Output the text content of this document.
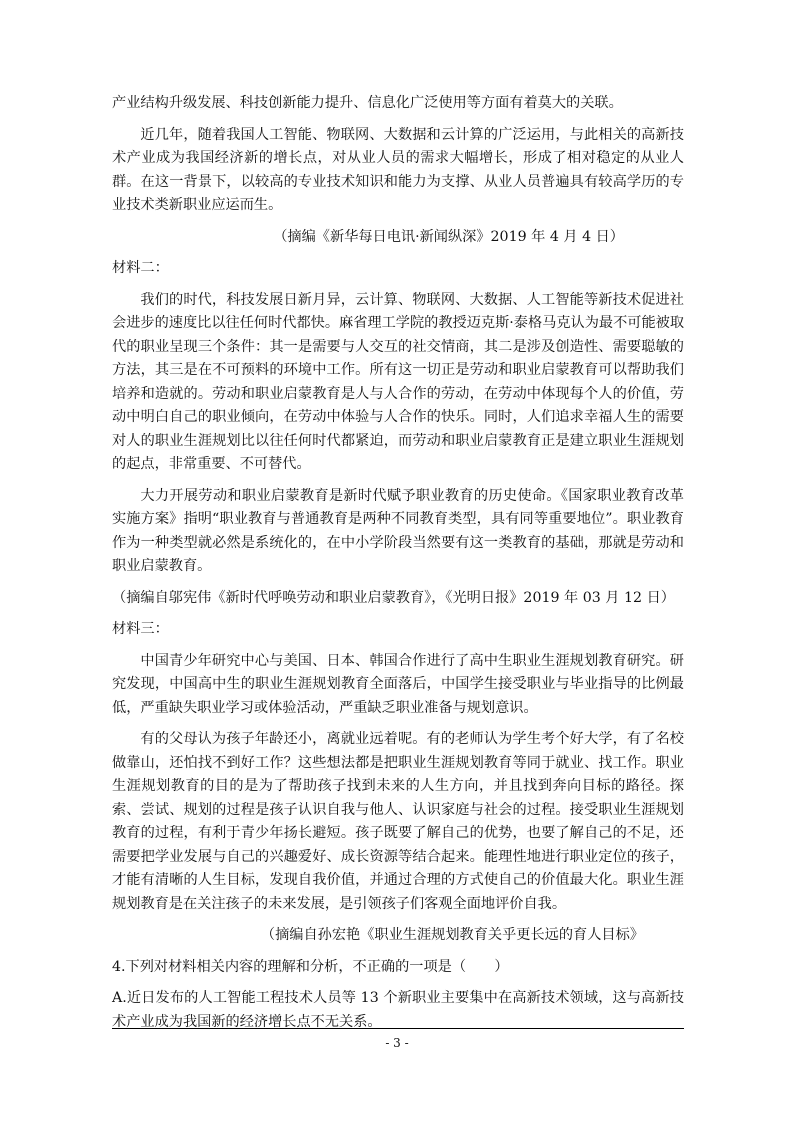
产业结构升级发展、科技创新能力提升、信息化广泛使用等方面有着莫大的关联。

近几年，随着我国人工智能、物联网、大数据和云计算的广泛运用，与此相关的高新技术产业成为我国经济新的增长点，对从业人员的需求大幅增长，形成了相对稳定的从业人群。在这一背景下，以较高的专业技术知识和能力为支撑、从业人员普遍具有较高学历的专业技术类新职业应运而生。

（摘编《新华每日电讯·新闻纵深》2019 年 4 月 4 日）

材料二：

我们的时代，科技发展日新月异，云计算、物联网、大数据、人工智能等新技术促进社会进步的速度比以往任何时代都快。麻省理工学院的教授迈克斯·泰格马克认为最不可能被取代的职业呈现三个条件：其一是需要与人交互的社交情商，其二是涉及创造性、需要聪敏的方法，其三是在不可预料的环境中工作。所有这一切正是劳动和职业启蒙教育可以帮助我们培养和造就的。劳动和职业启蒙教育是人与人合作的劳动，在劳动中体现每个人的价值，劳动中明白自己的职业倾向，在劳动中体验与人合作的快乐。同时，人们追求幸福人生的需要对人的职业生涯规划比以往任何时代都紧迫，而劳动和职业启蒙教育正是建立职业生涯规划的起点，非常重要、不可替代。

大力开展劳动和职业启蒙教育是新时代赋予职业教育的历史使命。《国家职业教育改革实施方案》指明“职业教育与普通教育是两种不同教育类型，具有同等重要地位”。职业教育作为一种类型就必然是系统化的，在中小学阶段当然要有这一类教育的基础，那就是劳动和职业启蒙教育。

（摘编自邬宪伟《新时代呼唤劳动和职业启蒙教育》，《光明日报》2019 年 03 月 12 日）

材料三：

中国青少年研究中心与美国、日本、韩国合作进行了高中生职业生涯规划教育研究。研究发现，中国高中生的职业生涯规划教育全面落后，中国学生接受职业与毕业指导的比例最低，严重缺失职业学习或体验活动，严重缺乏职业准备与规划意识。

有的父母认为孩子年龄还小，离就业远着呢。有的老师认为学生考个好大学，有了名校做靠山，还怕找不到好工作？这些想法都是把职业生涯规划教育等同于就业、找工作。职业生涯规划教育的目的是为了帮助孩子找到未来的人生方向，并且找到奔向目标的路径。探索、尝试、规划的过程是孩子认识自我与他人、认识家庭与社会的过程。接受职业生涯规划教育的过程，有利于青少年扬长避短。孩子既要了解自己的优势，也要了解自己的不足，还需要把学业发展与自己的兴趣爱好、成长资源等结合起来。能理性地进行职业定位的孩子，才能有清晰的人生目标，发现自我价值，并通过合理的方式使自己的价值最大化。职业生涯规划教育是在关注孩子的未来发展，是引领孩子们客观全面地评价自我。

（摘编自孙宏艳《职业生涯规划教育关乎更长远的育人目标》

4.下列对材料相关内容的理解和分析，不正确的一项是（　　）

A.近日发布的人工智能工程技术人员等 13 个新职业主要集中在高新技术领域，这与高新技术产业成为我国新的经济增长点不无关系。

- 3 -
